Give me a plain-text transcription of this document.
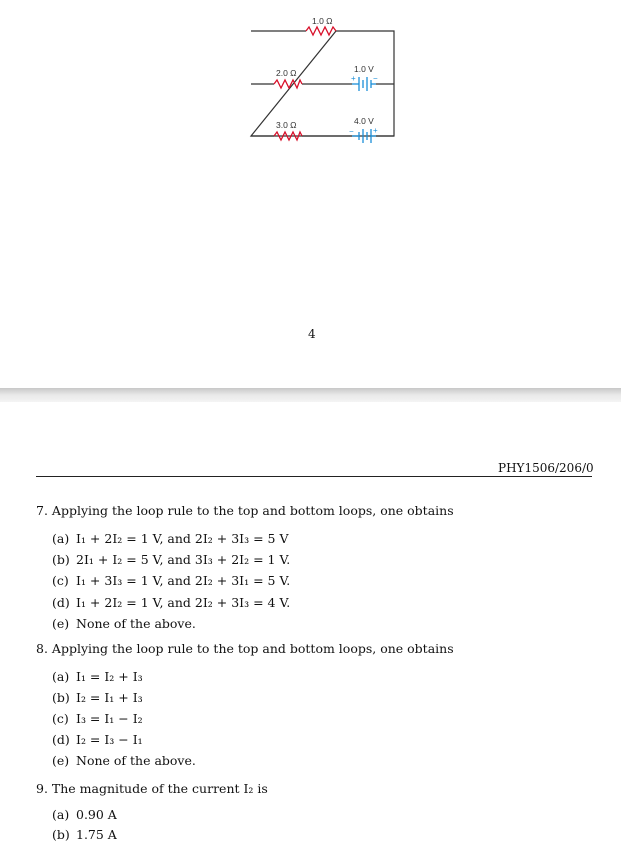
1.0 Ω
2.0 Ω
3.0 Ω
1.0 V
+ −
4.0 V
− +
4
PHY1506/206/0
7. Applying the loop rule to the top and bottom loops, one obtains
(a) I₁ + 2I₂ = 1 V, and 2I₂ + 3I₃ = 5 V
(b) 2I₁ + I₂ = 5 V, and 3I₃ + 2I₂ = 1 V.
(c) I₁ + 3I₃ = 1 V, and 2I₂ + 3I₁ = 5 V.
(d) I₁ + 2I₂ = 1 V, and 2I₂ + 3I₃ = 4 V.
(e) None of the above.
8. Applying the loop rule to the top and bottom loops, one obtains
(a) I₁ = I₂ + I₃
(b) I₂ = I₁ + I₃
(c) I₃ = I₁ − I₂
(d) I₂ = I₃ − I₁
(e) None of the above.
9. The magnitude of the current I₂ is
(a) 0.90 A
(b) 1.75 A
